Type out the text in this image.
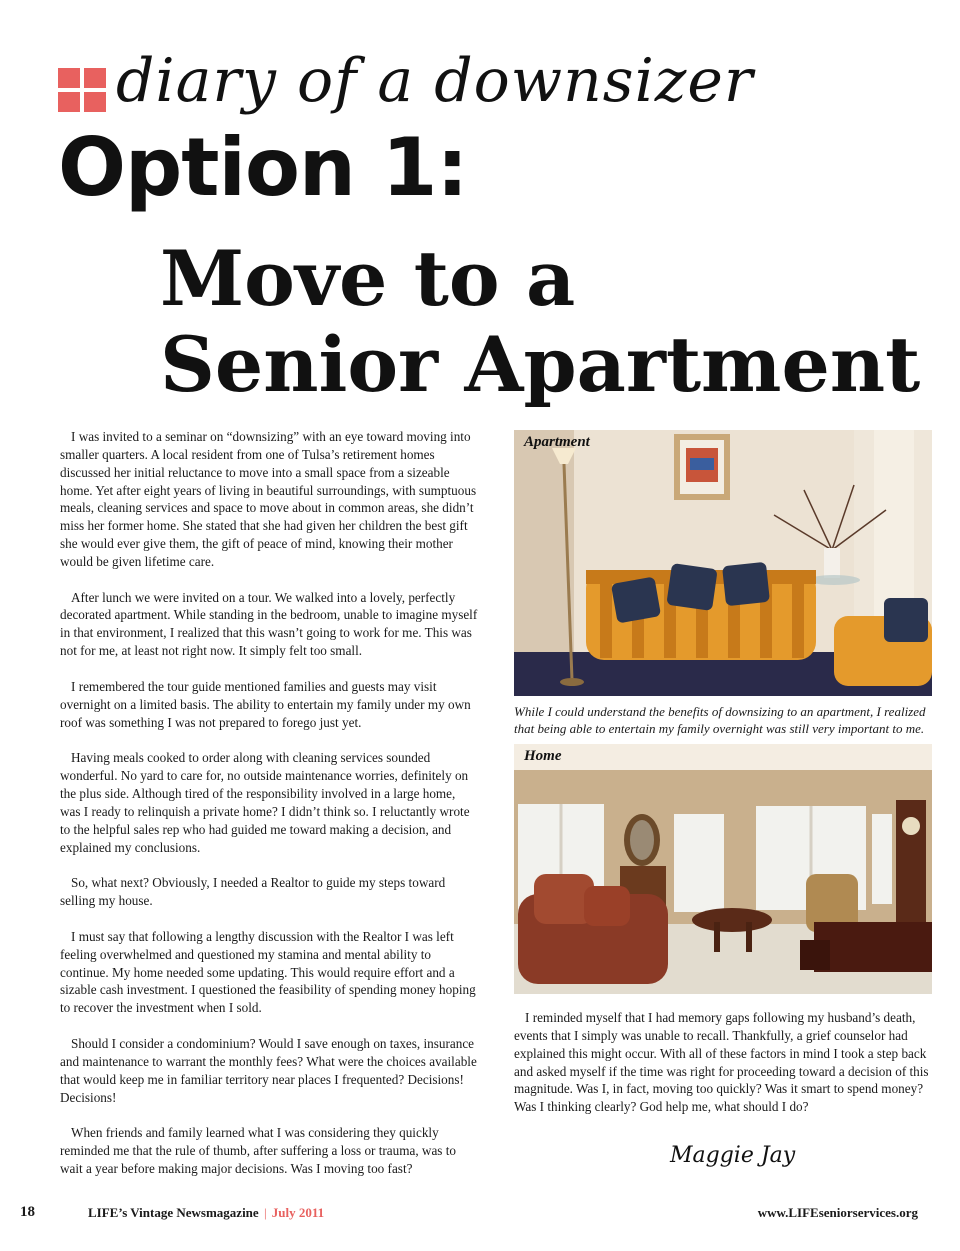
diary of a downsizer
Option 1:
Move to a
Senior Apartment

I was invited to a seminar on “downsizing” with an eye toward moving into smaller quarters. A local resident from one of Tulsa’s retirement homes discussed her initial reluctance to move into a small space from a sizeable home. Yet after eight years of living in beautiful surroundings, with sumptuous meals, cleaning services and space to move about in common areas, she didn’t miss her former home. She stated that she had given her children the best gift she would ever give them, the gift of peace of mind, knowing their mother would be given lifetime care.

After lunch we were invited on a tour. We walked into a lovely, perfectly decorated apartment. While standing in the bedroom, unable to imagine myself in that environment, I realized that this wasn’t going to work for me. This was not for me, at least not right now. It simply felt too small.

I remembered the tour guide mentioned families and guests may visit overnight on a limited basis. The ability to entertain my family under my own roof was something I was not prepared to forego just yet.

Having meals cooked to order along with cleaning services sounded wonderful. No yard to care for, no outside maintenance worries, definitely on the plus side. Although tired of the responsibility involved in a large home, was I ready to relinquish a private home? I didn’t think so. I reluctantly wrote to the helpful sales rep who had guided me toward making a decision, and explained my conclusions.

So, what next? Obviously, I needed a Realtor to guide my steps toward selling my house.

I must say that following a lengthy discussion with the Realtor I was left feeling overwhelmed and questioned my stamina and mental ability to continue. My home needed some updating. This would require effort and a sizable cash investment. I questioned the feasibility of spending money hoping to recover the investment when I sold.

Should I consider a condominium? Would I save enough on taxes, insurance and maintenance to warrant the monthly fees? What were the choices available that would keep me in familiar territory near places I frequented? Decisions! Decisions!

When friends and family learned what I was considering they quickly reminded me that the rule of thumb, after suffering a loss or trauma, was to wait a year before making major decisions. Was I moving too fast?

Apartment
While I could understand the benefits of downsizing to an apartment, I realized that being able to entertain my family overnight was still very important to me.
Home

I reminded myself that I had memory gaps following my husband’s death, events that I simply was unable to recall. Thankfully, a grief counselor had explained this might occur. With all of these factors in mind I took a step back and asked myself if the time was right for proceeding toward a decision of this magnitude. Was I, in fact, moving too quickly? Was it smart to spend money? Was I thinking clearly? God help me, what should I do?

Maggie Jay
18	LIFE’s Vintage Newsmagazine | July 2011	www.LIFEseniorservices.org
